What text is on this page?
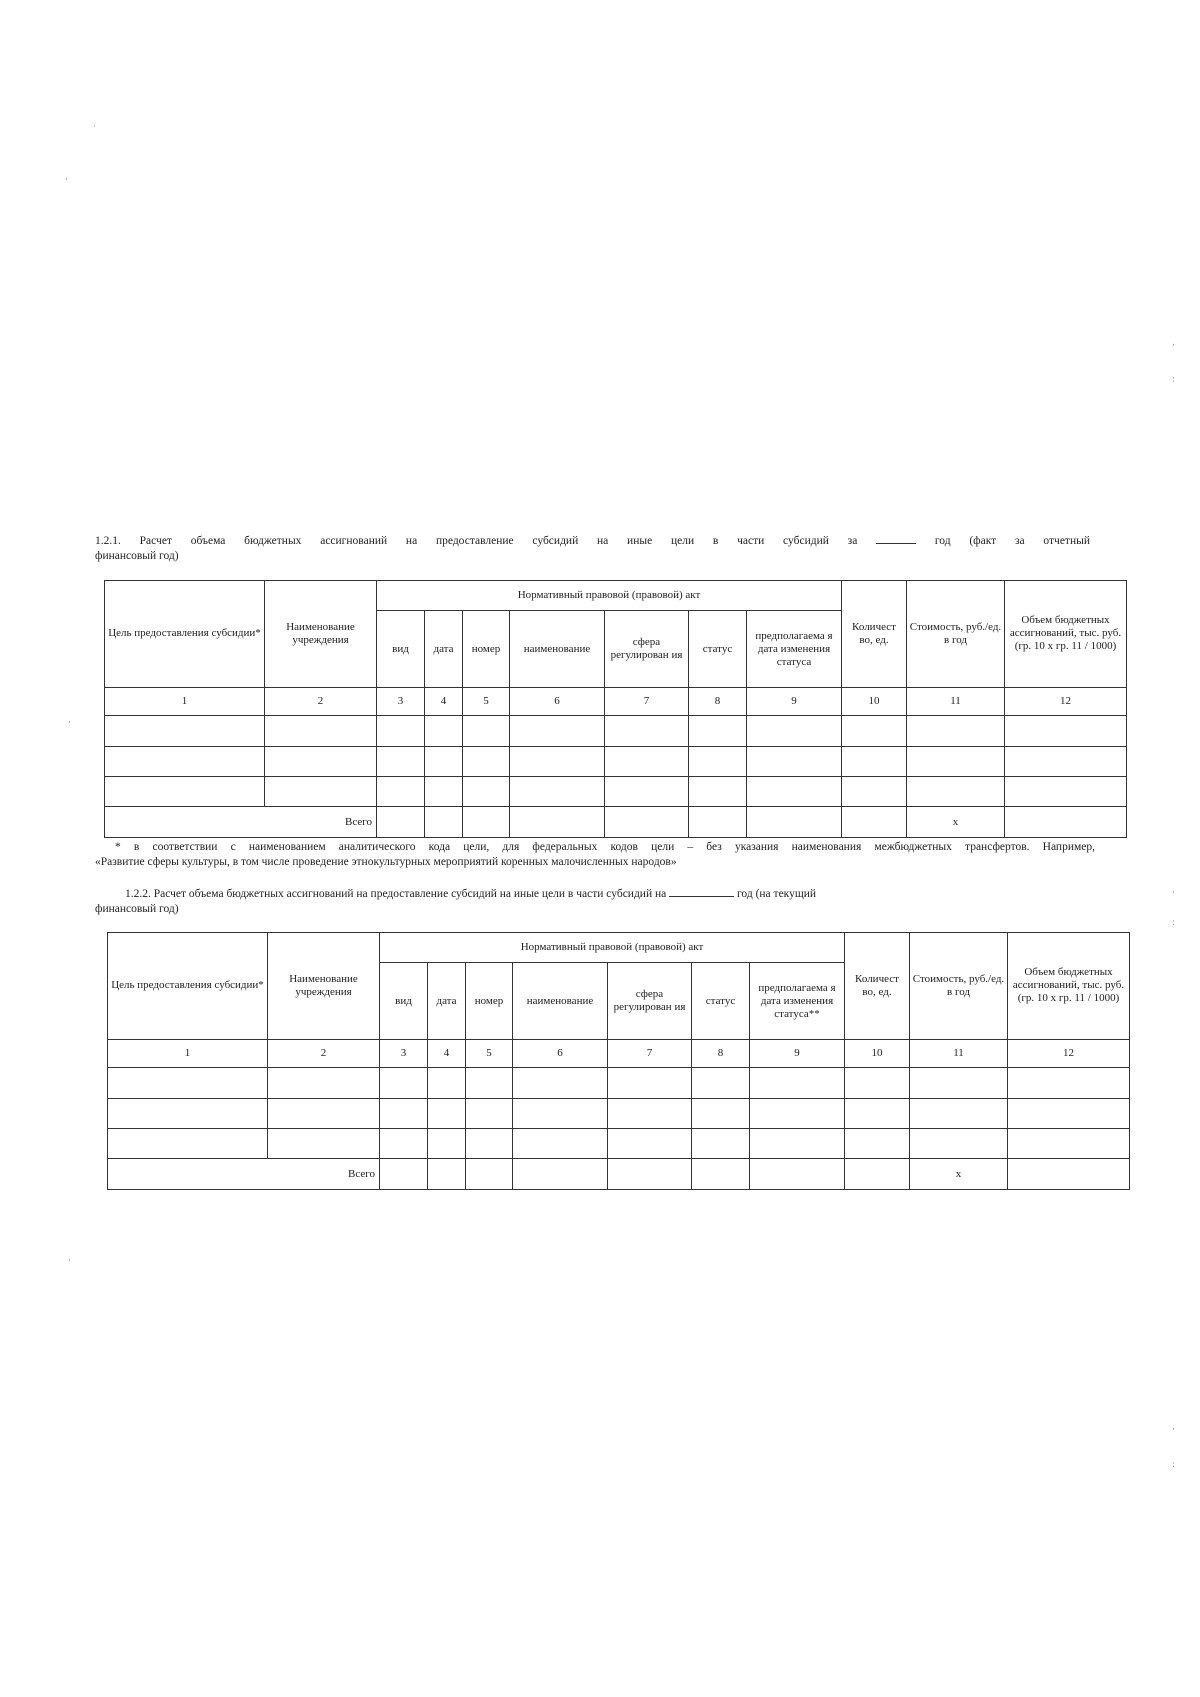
1.2.1. Расчет объема бюджетных ассигнований на предоставление субсидий на иные цели в части субсидий за	год (факт за отчетный
финансовый год)
Цель предоставления субсидии*	Наименование учреждения	Нормативный правовой (правовой) акт							Количест во, ед.	Стоимость, руб./ед. в год	Объем бюджетных ассигнований, тыс. руб. (гр. 10 x гр. 11 / 1000)
		вид	дата	номер	наименование	сфера регулирован ия	статус	предполагаема я дата изменения статуса			
1	2	3	4	5	6	7	8	9	10	11	12

Всего										x	
* в соответствии с наименованием аналитического кода цели, для федеральных кодов цели – без указания наименования межбюджетных трансфертов. Например,
«Развитие сферы культуры, в том числе проведение этнокультурных мероприятий коренных малочисленных народов»
1.2.2. Расчет объема бюджетных ассигнований на предоставление субсидий на иные цели в части субсидий на	год (на текущий
финансовый год)
Цель предоставления субсидии*	Наименование учреждения	Нормативный правовой (правовой) акт							Количест во, ед.	Стоимость, руб./ед. в год	Объем бюджетных ассигнований, тыс. руб. (гр. 10 x гр. 11 / 1000)
		вид	дата	номер	наименование	сфера регулирован ия	статус	предполагаема я дата изменения статуса**			
1	2	3	4	5	6	7	8	9	10	11	12

Всего										x	
,
·
,
:
,
,
:
,
,
:
